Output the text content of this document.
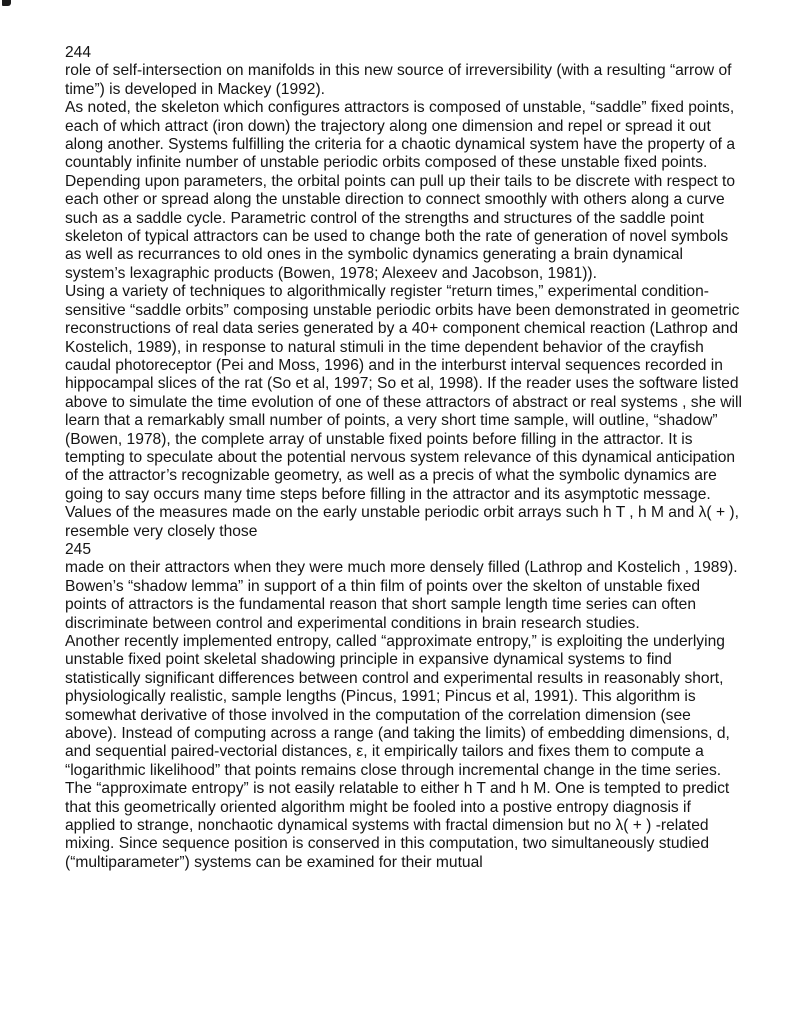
244

role of self-intersection on manifolds in this new source of irreversibility (with a resulting “arrow of time”) is developed in Mackey (1992).

As noted, the skeleton which configures attractors is composed of unstable, “saddle” fixed points, each of which attract (iron down) the trajectory along one dimension and repel or spread it out along another. Systems fulfilling the criteria for a chaotic dynamical system have the property of a countably infinite number of unstable periodic orbits composed of these unstable fixed points. Depending upon parameters, the orbital points can pull up their tails to be discrete with respect to each other or spread along the unstable direction to connect smoothly with others along a curve such as a saddle cycle. Parametric control of the strengths and structures of the saddle point skeleton of typical attractors can be used to change both the rate of generation of novel symbols as well as recurrances to old ones in the symbolic dynamics generating a brain dynamical system’s lexagraphic products (Bowen, 1978; Alexeev and Jacobson, 1981)).

Using a variety of techniques to algorithmically register “return times,” experimental condition-sensitive “saddle orbits” composing unstable periodic orbits have been demonstrated in geometric reconstructions of real data series generated by a 40+ component chemical reaction (Lathrop and Kostelich, 1989), in response to natural stimuli in the time dependent behavior of the crayfish caudal photoreceptor (Pei and Moss, 1996) and in the interburst interval sequences recorded in hippocampal slices of the rat (So et al, 1997; So et al, 1998). If the reader uses the software listed above to simulate the time evolution of one of these attractors of abstract or real systems , she will learn that a remarkably small number of points, a very short time sample, will outline, “shadow” (Bowen, 1978), the complete array of unstable fixed points before filling in the attractor. It is tempting to speculate about the potential nervous system relevance of this dynamical anticipation of the attractor’s recognizable geometry, as well as a precis of what the symbolic dynamics are going to say occurs many time steps before filling in the attractor and its asymptotic message. Values of the measures made on the early unstable periodic orbit arrays such h T , h M and λ( + ), resemble very closely those

245

made on their attractors when they were much more densely filled (Lathrop and Kostelich , 1989). Bowen’s “shadow lemma” in support of a thin film of points over the skelton of unstable fixed points of attractors is the fundamental reason that short sample length time series can often discriminate between control and experimental conditions in brain research studies.

Another recently implemented entropy, called “approximate entropy,” is exploiting the underlying unstable fixed point skeletal shadowing principle in expansive dynamical systems to find statistically significant differences between control and experimental results in reasonably short, physiologically realistic, sample lengths (Pincus, 1991; Pincus et al, 1991). This algorithm is somewhat derivative of those involved in the computation of the correlation dimension (see above). Instead of computing across a range (and taking the limits) of embedding dimensions, d, and sequential paired-vectorial distances, ε, it empirically tailors and fixes them to compute a “logarithmic likelihood” that points remains close through incremental change in the time series. The “approximate entropy” is not easily relatable to either h T and h M. One is tempted to predict that this geometrically oriented algorithm might be fooled into a postive entropy diagnosis if applied to strange, nonchaotic dynamical systems with fractal dimension but no λ( + ) -related mixing. Since sequence position is conserved in this computation, two simultaneously studied (“multiparameter”) systems can be examined for their mutual
